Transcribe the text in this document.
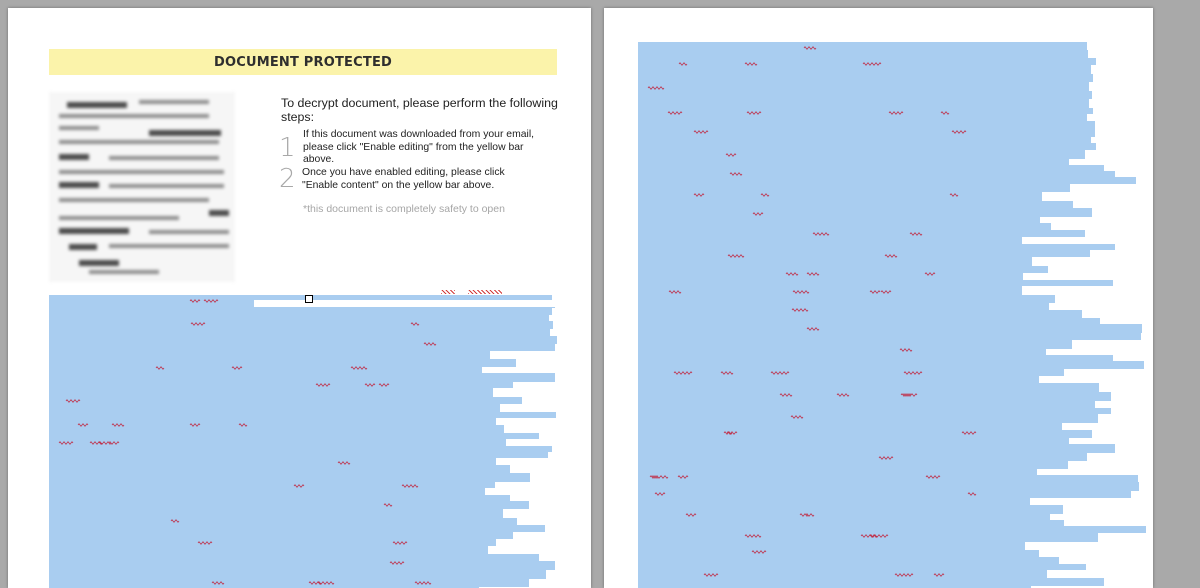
DOCUMENT PROTECTED
To decrypt document, please perform the following steps:
1 If this document was downloaded from your email, please click "Enable editing" from the yellow bar above.
2 Once you have enabled editing, please click "Enable content" on the yellow bar above.
*this document is completely safety to open
